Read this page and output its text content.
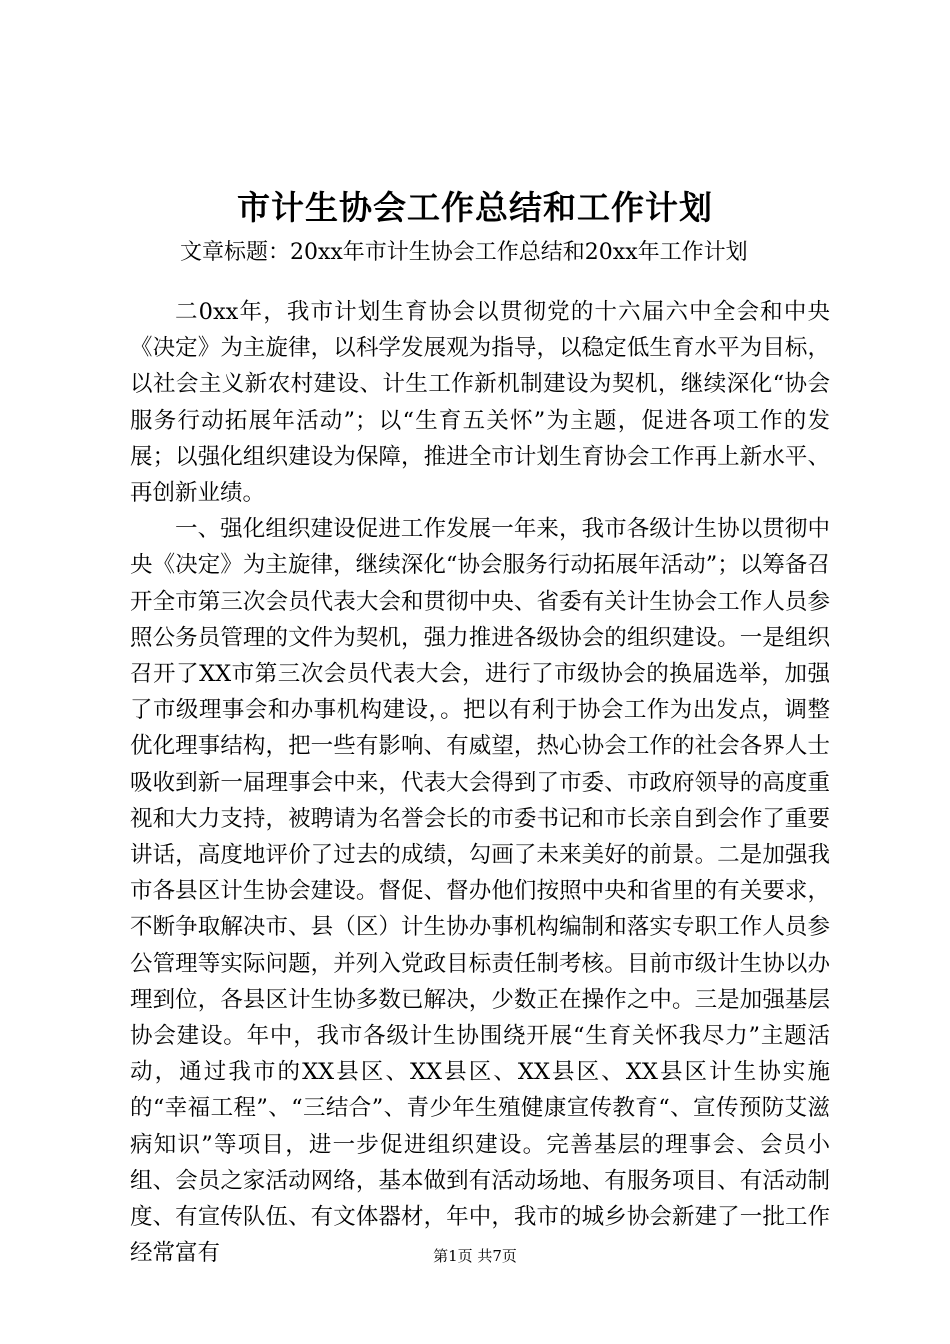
市计生协会工作总结和工作计划
文章标题：20xx年市计生协会工作总结和20xx年工作计划

二0xx年，我市计划生育协会以贯彻党的十六届六中全会和中央《决定》为主旋律，以科学发展观为指导，以稳定低生育水平为目标，以社会主义新农村建设、计生工作新机制建设为契机，继续深化“协会服务行动拓展年活动”；以“生育五关怀”为主题，促进各项工作的发展；以强化组织建设为保障，推进全市计划生育协会工作再上新水平、再创新业绩。

一、强化组织建设促进工作发展一年来，我市各级计生协以贯彻中央《决定》为主旋律，继续深化“协会服务行动拓展年活动”；以筹备召开全市第三次会员代表大会和贯彻中央、省委有关计生协会工作人员参照公务员管理的文件为契机，强力推进各级协会的组织建设。一是组织召开了XX市第三次会员代表大会，进行了市级协会的换届选举，加强了市级理事会和办事机构建设，。把以有利于协会工作为出发点，调整优化理事结构，把一些有影响、有威望，热心协会工作的社会各界人士吸收到新一届理事会中来，代表大会得到了市委、市政府领导的高度重视和大力支持，被聘请为名誉会长的市委书记和市长亲自到会作了重要讲话，高度地评价了过去的成绩，勾画了未来美好的前景。二是加强我市各县区计生协会建设。督促、督办他们按照中央和省里的有关要求，不断争取解决市、县（区）计生协办事机构编制和落实专职工作人员参公管理等实际问题，并列入党政目标责任制考核。目前市级计生协以办理到位，各县区计生协多数已解决，少数正在操作之中。三是加强基层协会建设。年中，我市各级计生协围绕开展“生育关怀我尽力”主题活动，通过我市的XX县区、XX县区、XX县区、XX县区计生协实施的“幸福工程”、“三结合”、青少年生殖健康宣传教育“、宣传预防艾滋病知识”等项目，进一步促进组织建设。完善基层的理事会、会员小组、会员之家活动网络，基本做到有活动场地、有服务项目、有活动制度、有宣传队伍、有文体器材，年中，我市的城乡协会新建了一批工作经常富有	第1页 共7页
